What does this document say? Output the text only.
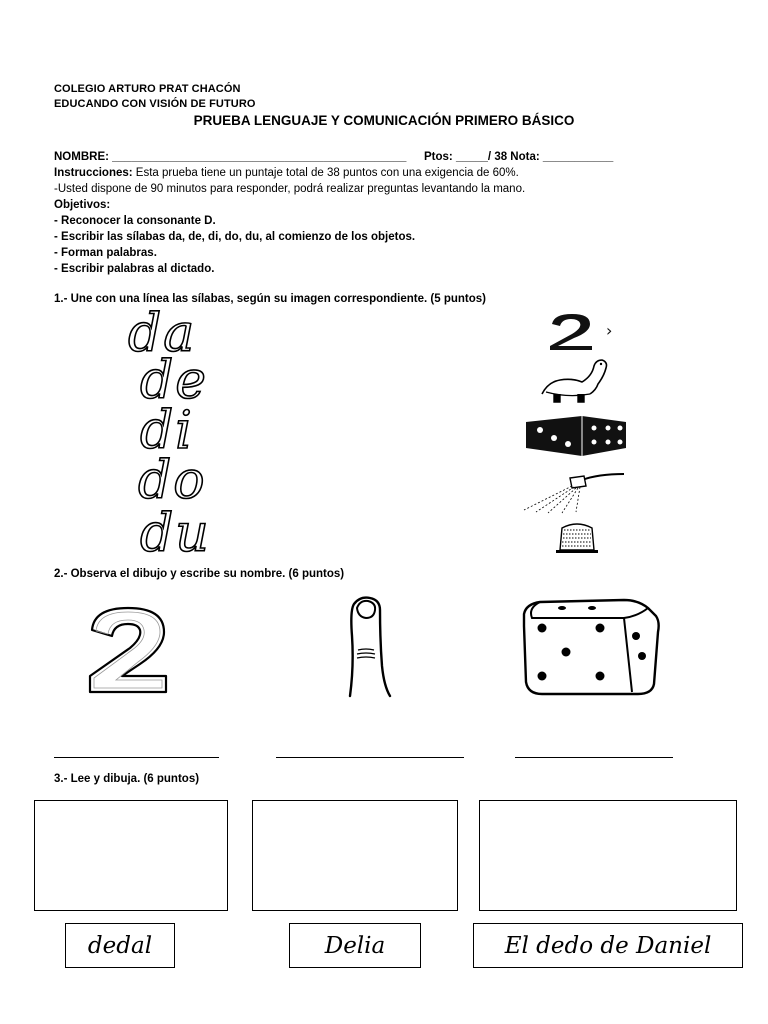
COLEGIO ARTURO PRAT CHACÓN
EDUCANDO CON VISIÓN DE FUTURO
PRUEBA LENGUAJE Y COMUNICACIÓN PRIMERO BÁSICO
NOMBRE: ______________________________________________ Ptos: _____/ 38 Nota: ___________
Instrucciones: Esta prueba tiene un puntaje total de 38 puntos con una exigencia de 60%.
-Usted dispone de 90 minutos para responder, podrá realizar preguntas levantando la mano.
Objetivos:
- Reconocer la consonante D.
- Escribir las sílabas da, de, di, do, du, al comienzo de los objetos.
- Forman palabras.
- Escribir palabras al dictado.
1.- Une con una línea las sílabas, según su imagen correspondiente. (5 puntos)
da
de
di
do
du
›
2.- Observa el dibujo y escribe su nombre. (6 puntos)
3.- Lee y dibuja. (6 puntos)
dedal	Delia	El dedo de Daniel
